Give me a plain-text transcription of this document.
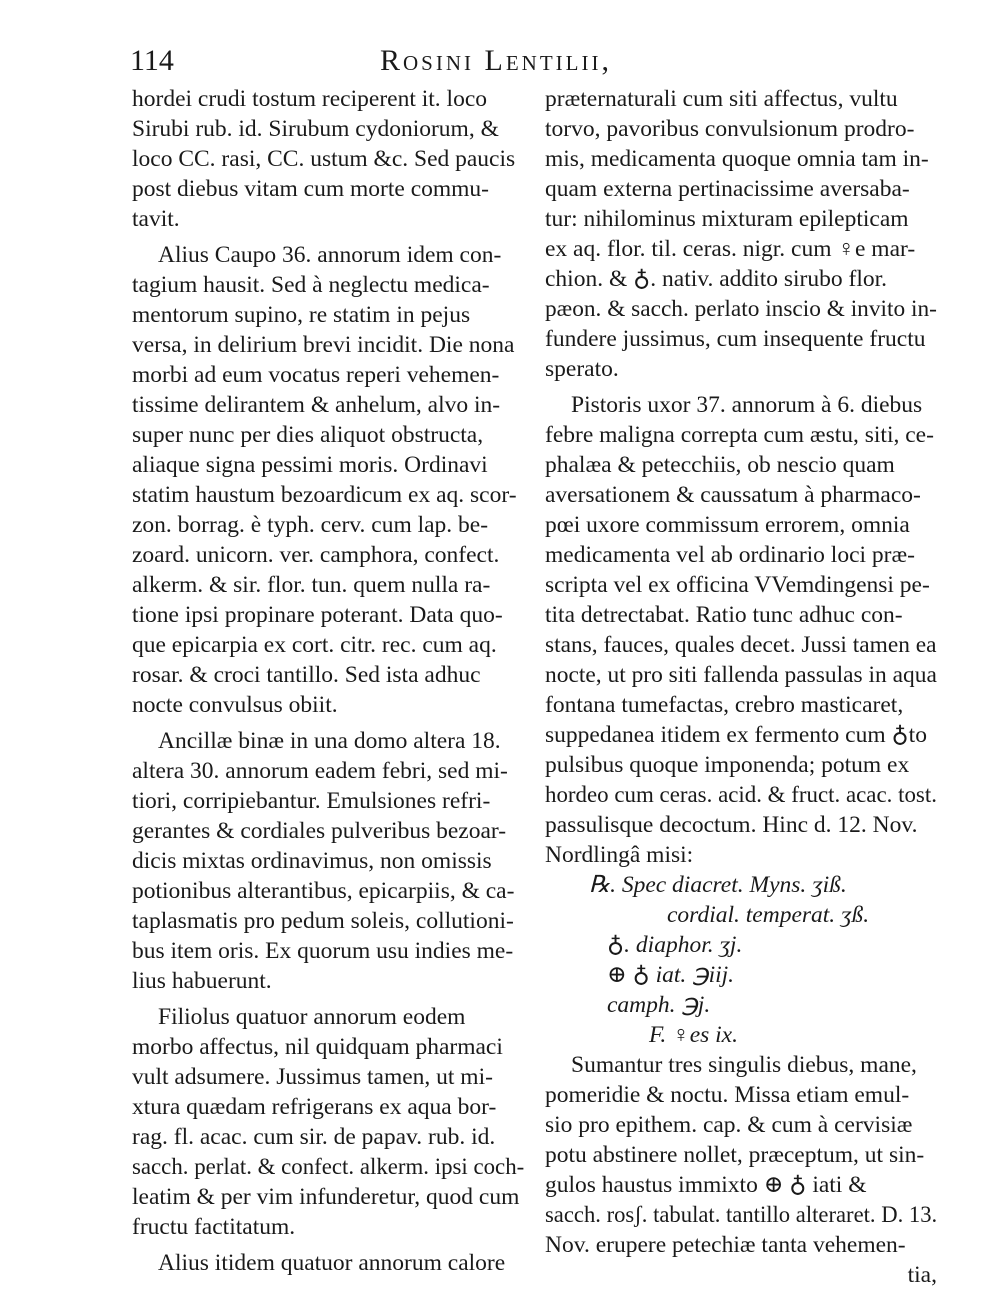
114	Rosini Lentilii,
hordei crudi tostum reciperent it. loco
Sirubi rub. id. Sirubum cydoniorum, &
loco CC. rasi, CC. ustum &c. Sed paucis
post diebus vitam cum morte commu-
tavit.
Alius Caupo 36. annorum idem con-
tagium hausit. Sed à neglectu medica-
mentorum supino, re statim in pejus
versa, in delirium brevi incidit. Die nona
morbi ad eum vocatus reperi vehemen-
tissime delirantem & anhelum, alvo in-
super nunc per dies aliquot obstructa,
aliaque signa pessimi moris. Ordinavi
statim haustum bezoardicum ex aq. scor-
zon. borrag. è typh. cerv. cum lap. be-
zoard. unicorn. ver. camphora, confect.
alkerm. & sir. flor. tun. quem nulla ra-
tione ipsi propinare poterant. Data quo-
que epicarpia ex cort. citr. rec. cum aq.
rosar. & croci tantillo. Sed ista adhuc
nocte convulsus obiit.
Ancillæ binæ in una domo altera 18.
altera 30. annorum eadem febri, sed mi-
tiori, corripiebantur. Emulsiones refri-
gerantes & cordiales pulveribus bezoar-
dicis mixtas ordinavimus, non omissis
potionibus alterantibus, epicarpiis, & ca-
taplasmatis pro pedum soleis, collutioni-
bus item oris. Ex quorum usu indies me-
lius habuerunt.
Filiolus quatuor annorum eodem
morbo affectus, nil quidquam pharmaci
vult adsumere. Jussimus tamen, ut mi-
xtura quædam refrigerans ex aqua bor-
rag. fl. acac. cum sir. de papav. rub. id.
sacch. perlat. & confect. alkerm. ipsi coch-
leatim & per vim infunderetur, quod cum
fructu factitatum.
Alius itidem quatuor annorum calore
præternaturali cum siti affectus, vultu
torvo, pavoribus convulsionum prodro-
mis, medicamenta quoque omnia tam in-
quam externa pertinacissime aversaba-
tur: nihilominus mixturam epilepticam
ex aq. flor. til. ceras. nigr. cum ♀e mar-
chion. & ♁. nativ. addito sirubo flor.
pæon. & sacch. perlato inscio & invito in-
fundere jussimus, cum insequente fructu
sperato.
Pistoris uxor 37. annorum à 6. diebus
febre maligna correpta cum æstu, siti, ce-
phalæa & petecchiis, ob nescio quam
aversationem & caussatum à pharmaco-
pœi uxore commissum errorem, omnia
medicamenta vel ab ordinario loci præ-
scripta vel ex officina VVemdingensi pe-
tita detrectabat. Ratio tunc adhuc con-
stans, fauces, quales decet. Jussi tamen ea
nocte, ut pro siti fallenda passulas in aqua
fontana tumefactas, crebro masticaret,
suppedanea itidem ex fermento cum ♁to
pulsibus quoque imponenda; potum ex
hordeo cum ceras. acid. & fruct. acac. tost.
passulisque decoctum. Hinc d. 12. Nov.
Nordlingâ misi:
℞. Spec diacret. Myns. ʒiß.
cordial. temperat. ʒß.
♁. diaphor. ʒj.
⊕ ♁ iat. ℈iij.
camph. ℈j.
F. ♀es ix.
Sumantur tres singulis diebus, mane,
pomeridie & noctu. Missa etiam emul-
sio pro epithem. cap. & cum à cervisiæ
potu abstinere nollet, præceptum, ut sin-
gulos haustus immixto ⊕ ♁ iati &
sacch. rosʃ. tabulat. tantillo alteraret. D. 13.
Nov. erupere petechiæ tanta vehemen-
tia,
